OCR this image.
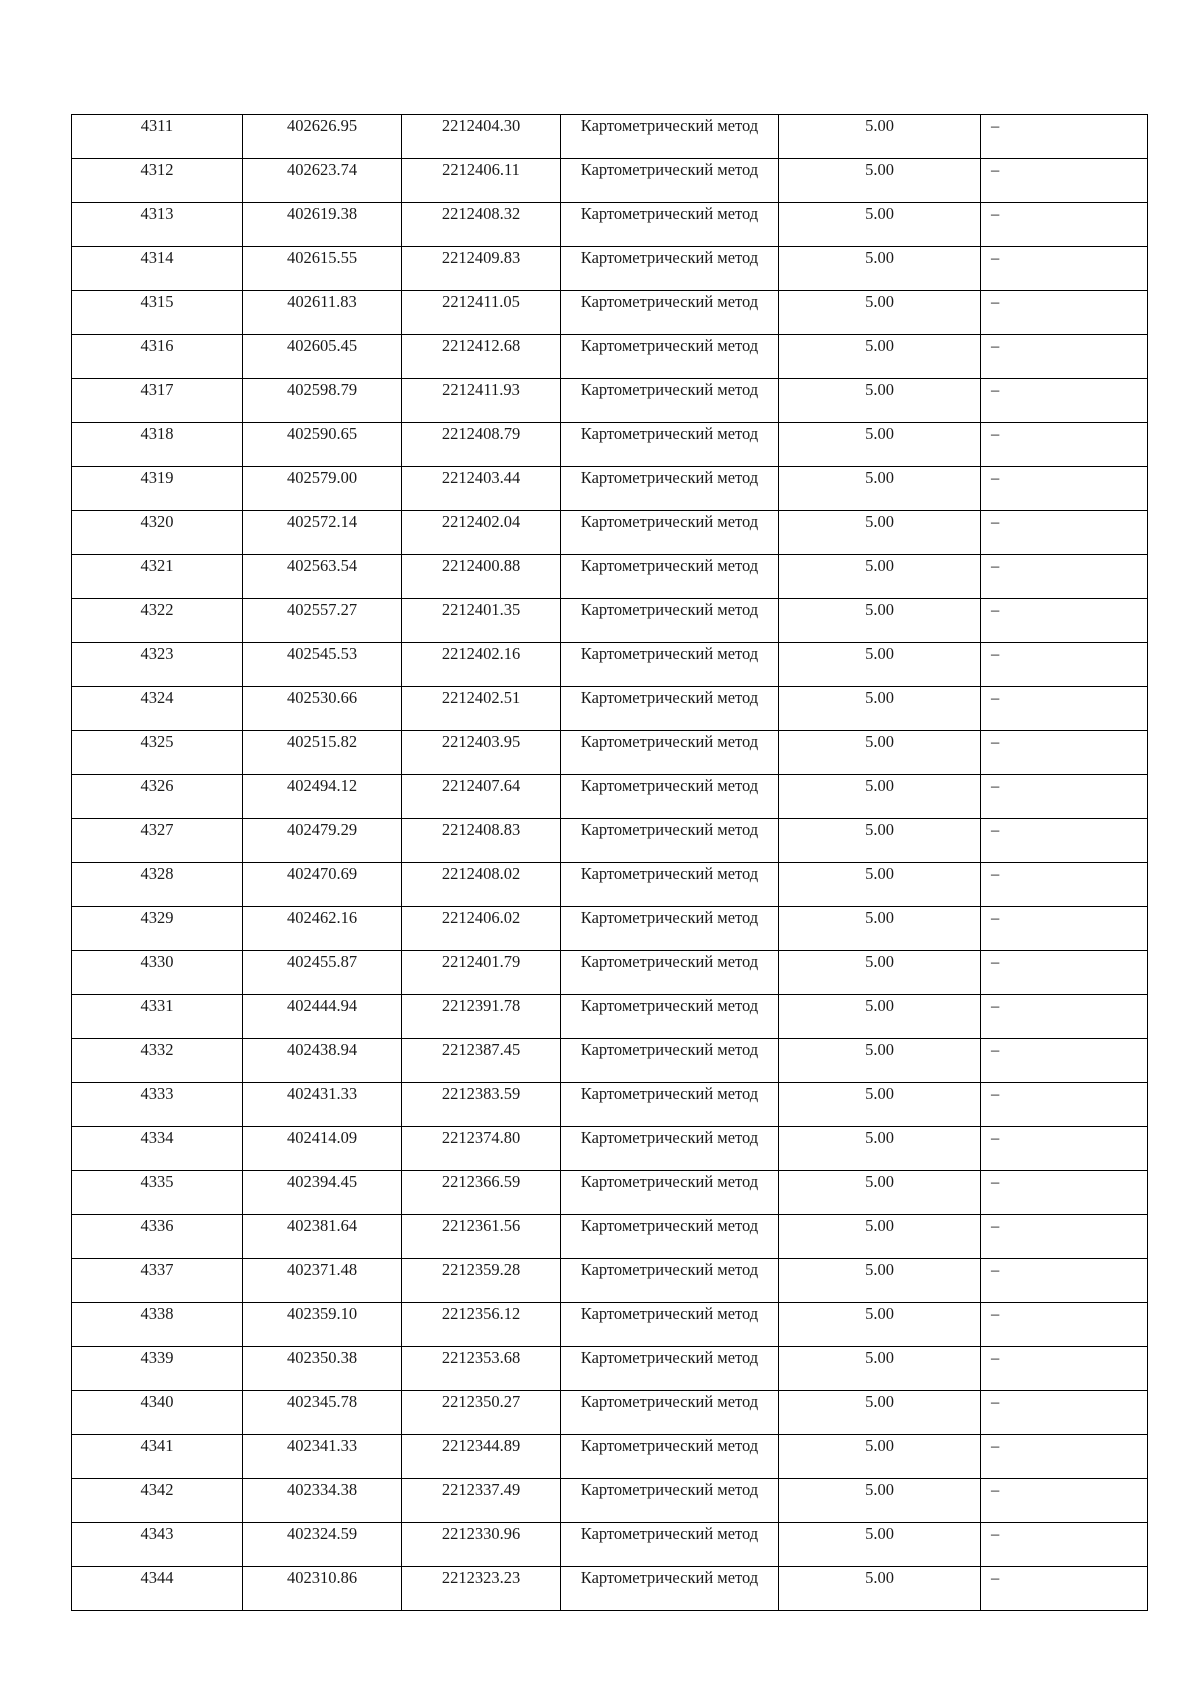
4311	402626.95	2212404.30	Картометрический метод	5.00	–
4312	402623.74	2212406.11	Картометрический метод	5.00	–
4313	402619.38	2212408.32	Картометрический метод	5.00	–
4314	402615.55	2212409.83	Картометрический метод	5.00	–
4315	402611.83	2212411.05	Картометрический метод	5.00	–
4316	402605.45	2212412.68	Картометрический метод	5.00	–
4317	402598.79	2212411.93	Картометрический метод	5.00	–
4318	402590.65	2212408.79	Картометрический метод	5.00	–
4319	402579.00	2212403.44	Картометрический метод	5.00	–
4320	402572.14	2212402.04	Картометрический метод	5.00	–
4321	402563.54	2212400.88	Картометрический метод	5.00	–
4322	402557.27	2212401.35	Картометрический метод	5.00	–
4323	402545.53	2212402.16	Картометрический метод	5.00	–
4324	402530.66	2212402.51	Картометрический метод	5.00	–
4325	402515.82	2212403.95	Картометрический метод	5.00	–
4326	402494.12	2212407.64	Картометрический метод	5.00	–
4327	402479.29	2212408.83	Картометрический метод	5.00	–
4328	402470.69	2212408.02	Картометрический метод	5.00	–
4329	402462.16	2212406.02	Картометрический метод	5.00	–
4330	402455.87	2212401.79	Картометрический метод	5.00	–
4331	402444.94	2212391.78	Картометрический метод	5.00	–
4332	402438.94	2212387.45	Картометрический метод	5.00	–
4333	402431.33	2212383.59	Картометрический метод	5.00	–
4334	402414.09	2212374.80	Картометрический метод	5.00	–
4335	402394.45	2212366.59	Картометрический метод	5.00	–
4336	402381.64	2212361.56	Картометрический метод	5.00	–
4337	402371.48	2212359.28	Картометрический метод	5.00	–
4338	402359.10	2212356.12	Картометрический метод	5.00	–
4339	402350.38	2212353.68	Картометрический метод	5.00	–
4340	402345.78	2212350.27	Картометрический метод	5.00	–
4341	402341.33	2212344.89	Картометрический метод	5.00	–
4342	402334.38	2212337.49	Картометрический метод	5.00	–
4343	402324.59	2212330.96	Картометрический метод	5.00	–
4344	402310.86	2212323.23	Картометрический метод	5.00	–
